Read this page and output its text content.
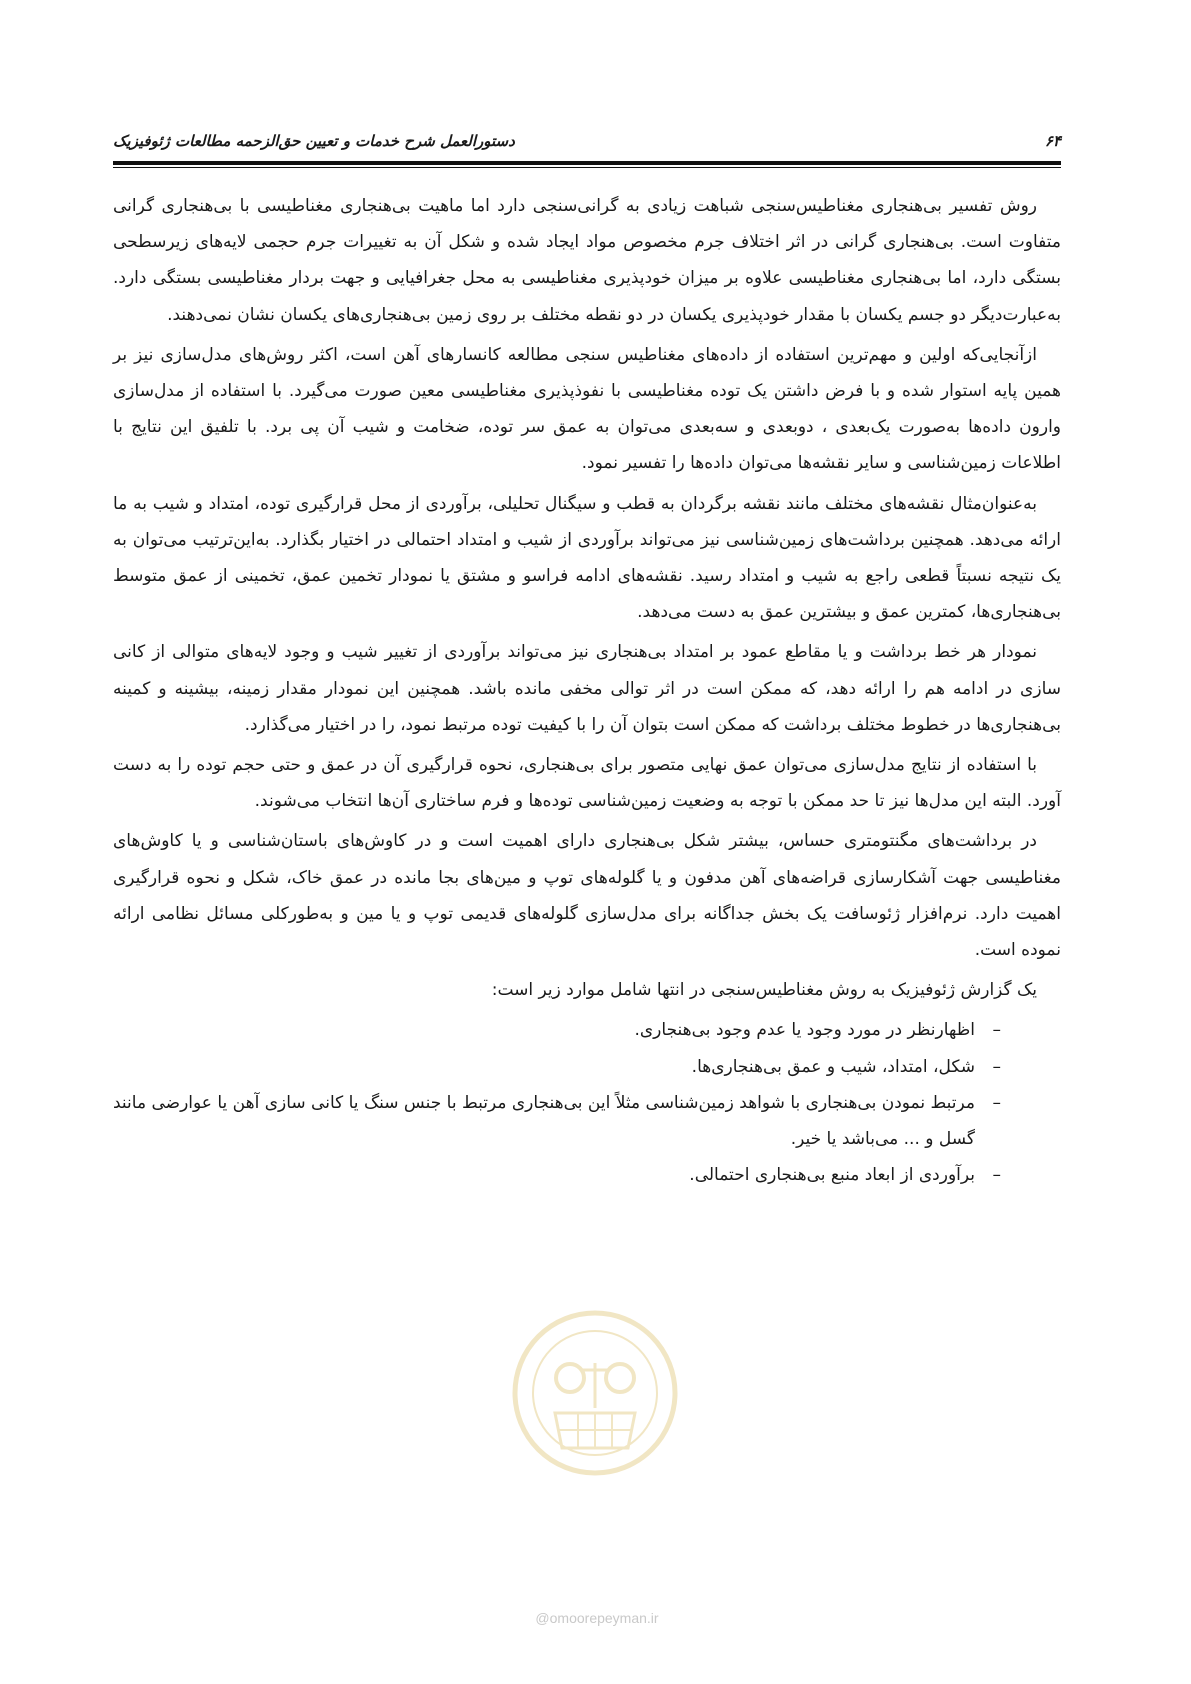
دستورالعمل شرح خدمات و تعیین حق‌الزحمه مطالعات ژئوفیزیک	۶۴

روش تفسیر بی‌هنجاری مغناطیس‌سنجی شباهت زیادی به گرانی‌سنجی دارد اما ماهیت بی‌هنجاری مغناطیسی با بی‌هنجاری گرانی متفاوت است. بی‌هنجاری گرانی در اثر اختلاف جرم مخصوص مواد ایجاد شده و شکل آن به تغییرات جرم حجمی لایه‌های زیرسطحی بستگی دارد، اما بی‌هنجاری مغناطیسی علاوه بر میزان خودپذیری مغناطیسی به محل جغرافیایی و جهت بردار مغناطیسی بستگی دارد. به‌عبارت‌دیگر دو جسم یکسان با مقدار خودپذیری یکسان در دو نقطه مختلف بر روی زمین بی‌هنجاری‌های یکسان نشان نمی‌دهند.

ازآنجایی‌که اولین و مهم‌ترین استفاده از داده‌های مغناطیس سنجی مطالعه کانسارهای آهن است، اکثر روش‌های مدل‌سازی نیز بر همین پایه استوار شده و با فرض داشتن یک توده مغناطیسی با نفوذپذیری مغناطیسی معین صورت می‌گیرد. با استفاده از مدل‌سازی وارون داده‌ها به‌صورت یک‌بعدی ، دوبعدی و سه‌بعدی می‌توان به عمق سر توده، ضخامت و شیب آن پی برد. با تلفیق این نتایج با اطلاعات زمین‌شناسی و سایر نقشه‌ها می‌توان داده‌ها را تفسیر نمود.

به‌عنوان‌مثال نقشه‌های مختلف مانند نقشه برگردان به قطب و سیگنال تحلیلی، برآوردی از محل قرارگیری توده، امتداد و شیب به ما ارائه می‌دهد. همچنین برداشت‌های زمین‌شناسی نیز می‌تواند برآوردی از شیب و امتداد احتمالی در اختیار بگذارد. به‌این‌ترتیب می‌توان به یک نتیجه نسبتاً قطعی راجع به شیب و امتداد رسید. نقشه‌های ادامه فراسو و مشتق یا نمودار تخمین عمق، تخمینی از عمق متوسط بی‌هنجاری‌ها، کمترین عمق و بیشترین عمق به دست می‌دهد.

نمودار هر خط برداشت و یا مقاطع عمود بر امتداد بی‌هنجاری نیز می‌تواند برآوردی از تغییر شیب و وجود لایه‌های متوالی از کانی سازی در ادامه هم را ارائه دهد، که ممکن است در اثر توالی مخفی مانده باشد. همچنین این نمودار مقدار زمینه، بیشینه و کمینه بی‌هنجاری‌ها در خطوط مختلف برداشت که ممکن است بتوان آن را با کیفیت توده مرتبط نمود، را در اختیار می‌گذارد.

با استفاده از نتایج مدل‌سازی می‌توان عمق نهایی متصور برای بی‌هنجاری، نحوه قرارگیری آن در عمق و حتی حجم توده را به دست آورد. البته این مدل‌ها نیز تا حد ممکن با توجه به وضعیت زمین‌شناسی توده‌ها و فرم ساختاری آن‌ها انتخاب می‌شوند.

در برداشت‌های مگنتومتری حساس، بیشتر شکل بی‌هنجاری دارای اهمیت است و در کاوش‌های باستان‌شناسی و یا کاوش‌های مغناطیسی جهت آشکارسازی قراضه‌های آهن مدفون و یا گلوله‌های توپ و مین‌های بجا مانده در عمق خاک، شکل و نحوه قرارگیری اهمیت دارد. نرم‌افزار ژئوسافت یک بخش جداگانه برای مدل‌سازی گلوله‌های قدیمی توپ و یا مین و به‌طورکلی مسائل نظامی ارائه نموده است.

یک گزارش ژئوفیزیک به روش مغناطیس‌سنجی در انتها شامل موارد زیر است:

–
اظهارنظر در مورد وجود یا عدم وجود بی‌هنجاری.
–
شکل، امتداد، شیب و عمق بی‌هنجاری‌ها.
–
مرتبط نمودن بی‌هنجاری با شواهد زمین‌شناسی مثلاً این بی‌هنجاری مرتبط با جنس سنگ یا کانی سازی آهن یا عوارضی مانند گسل و ... می‌باشد یا خیر.
–
برآوردی از ابعاد منبع بی‌هنجاری احتمالی.
@omoorepeyman.ir
